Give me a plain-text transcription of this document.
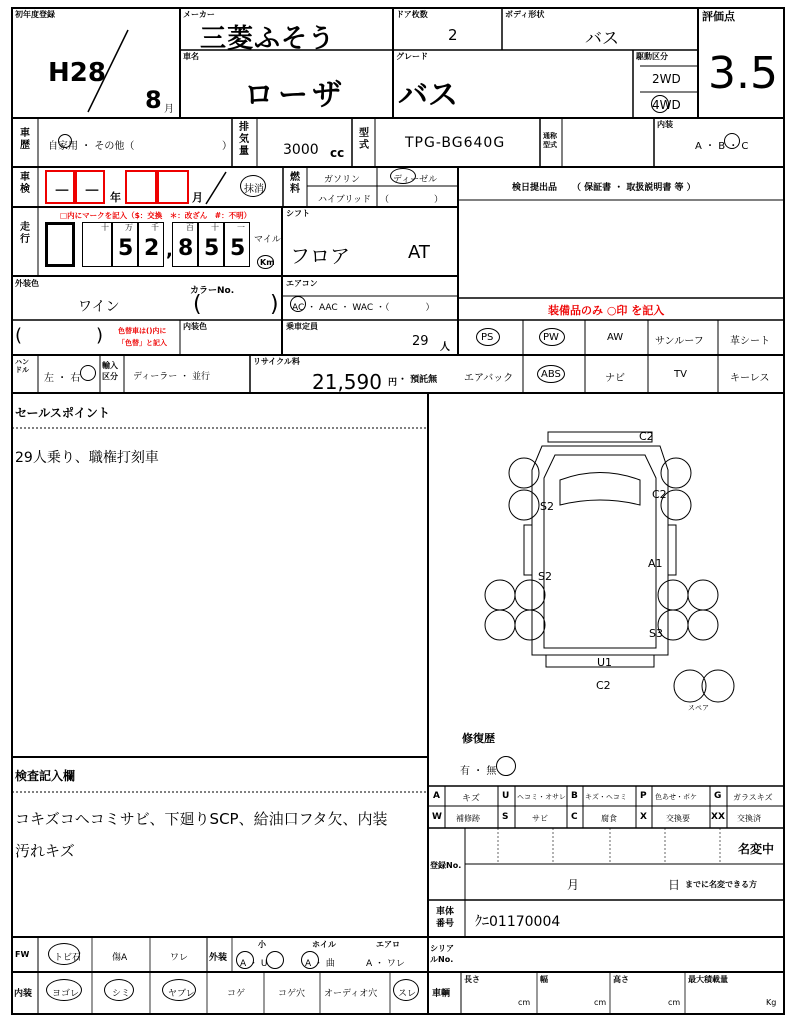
初年度登録
H28
8 月
メーカー
三菱ふそう
車名
ローザ
ドア枚数
2
ボディ形状
バス
グレード
バス
駆動区分
2WD
4WD
評価点
3.5
車歴 自家用 ・ その他（	）
排気量 3000 cc
型式	TPG-BG640G	通称型式
内装
A ・ B ・ C
車検 － － 年	月
抹消
燃料
ガソリン	ディーゼル
ハイブリッド （　　　　　）
検日提出品 （ 保証書 ・ 取扱説明書 等 ）
走行
□内にマークを記入（$：交換　＊：改ざん　#：不明）
十 万 千	百 十 一
5 2 , 8 5 5 マイル
Km
シフト
フロア	AT
外装色
ワイン
カラーNo.
(	)
エアコン
AC ・ AAC ・ WAC ・（　　　　）
(	) 色替車は()内に「色替」と記入
内装色	乗車定員
29 人
装備品のみ ○印 を記入
PS	PW	AW	サンルーフ	革シート
エアバック	ABS	ナビ	TV	キーレス
ハンドル
左 ・ 右
輸入区分	ディーラー ・ 並行
リサイクル料
21,590 円 ・ 預託無
セールスポイント
29人乗り、職権打刻車
C2
C2
S2
S2
A1
S3
U1
C2
スペア
修復歴
有 ・ 無
検査記入欄
コキズコヘコミサビ、下廻りSCP、給油口フタ欠、内装
汚れキズ
A キズ U ヘコミ・オサレ B キズ・ヘコミ P 色あせ・ボケ G ガラスキズ
W 補修跡 S	サビ	C	腐食	X 交換要 XX 交換済
登録No.
名変中
月	日 までに名変できる方
車体番号	ｸﾆ01170004
シリアルNo.
FW	トビ石	傷A	ワレ 外装
小
A ・ U
ホイル
A ・ 曲
エアロ
A ・ ワレ
内装 ヨゴレ	シミ	ヤブレ	コゲ	コゲ穴 オーディオ穴 スレ 車輌
長さ
cm
幅
cm
高さ
cm
最大積載量
Kg
